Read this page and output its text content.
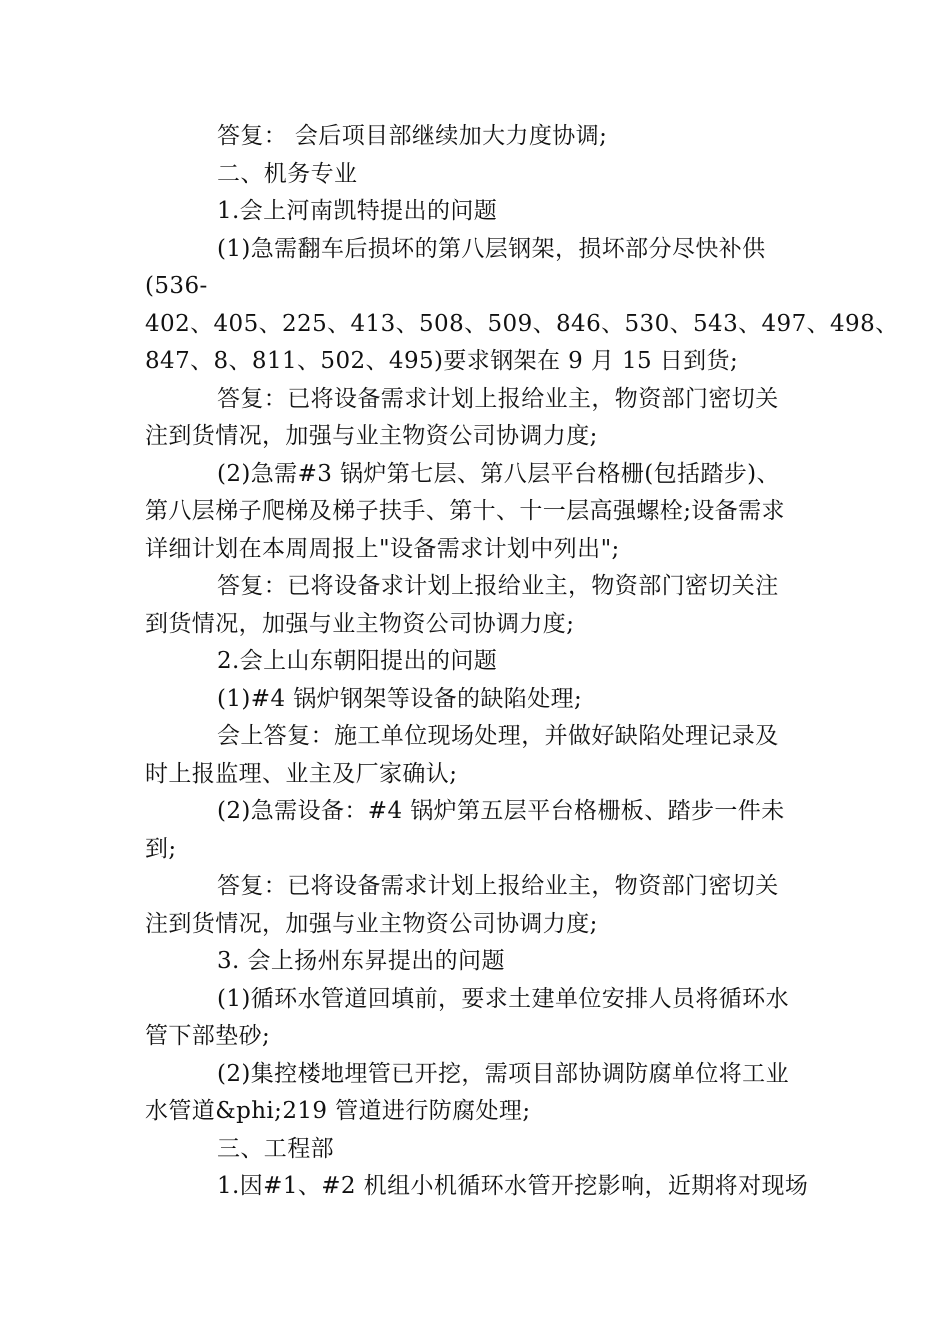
答复： 会后项目部继续加大力度协调;
二、机务专业
1.会上河南凯特提出的问题
(1)急需翻车后损坏的第八层钢架，损坏部分尽快补供
(536-
402、405、225、413、508、509、846、530、543、497、498、
847、8、811、502、495)要求钢架在 9 月 15 日到货;
答复：已将设备需求计划上报给业主，物资部门密切关
注到货情况，加强与业主物资公司协调力度;
(2)急需#3 锅炉第七层、第八层平台格栅(包括踏步)、
第八层梯子爬梯及梯子扶手、第十、十一层高强螺栓;设备需求
详细计划在本周周报上"设备需求计划中列出";
答复：已将设备求计划上报给业主，物资部门密切关注
到货情况，加强与业主物资公司协调力度;
2.会上山东朝阳提出的问题
(1)#4 锅炉钢架等设备的缺陷处理;
会上答复：施工单位现场处理，并做好缺陷处理记录及
时上报监理、业主及厂家确认;
(2)急需设备：#4 锅炉第五层平台格栅板、踏步一件未
到;
答复：已将设备需求计划上报给业主，物资部门密切关
注到货情况，加强与业主物资公司协调力度;
3. 会上扬州东昇提出的问题
(1)循环水管道回填前，要求土建单位安排人员将循环水
管下部垫砂;
(2)集控楼地埋管已开挖，需项目部协调防腐单位将工业
水管道&phi;219 管道进行防腐处理;
三、工程部
1.因#1、#2 机组小机循环水管开挖影响，近期将对现场
